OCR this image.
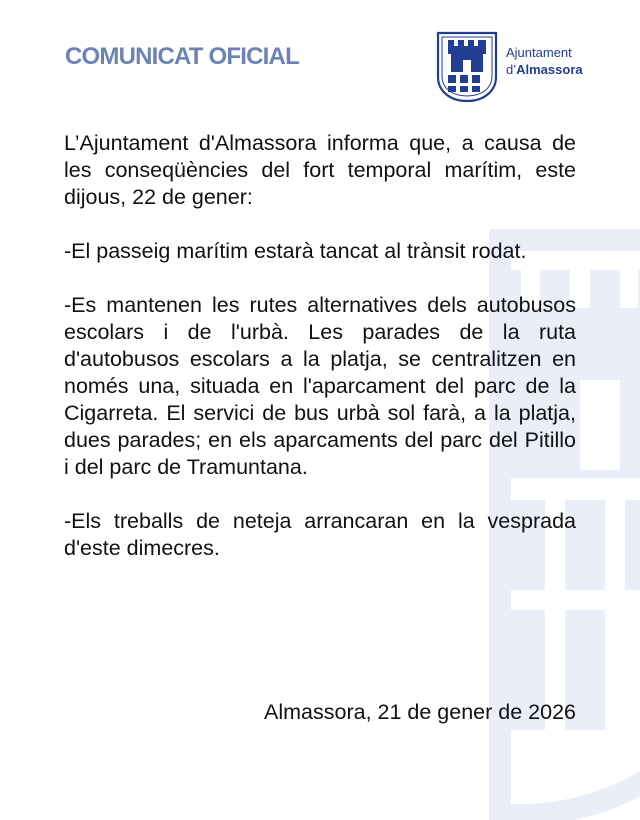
COMUNICAT OFICIAL	Ajuntament
d’Almassora

L’Ajuntament d'Almassora informa que, a causa de les conseqüències del fort temporal marítim, este dijous, 22 de gener:

-El passeig marítim estarà tancat al trànsit rodat.

-Es mantenen les rutes alternatives dels autobusos escolars i de l'urbà. Les parades de la ruta d'autobusos escolars a la platja, se centralitzen en només una, situada en l'aparcament del parc de la Cigarreta. El servici de bus urbà sol farà, a la platja, dues parades; en els aparcaments del parc del Pitillo i del parc de Tramuntana.

-Els treballs de neteja arrancaran en la vesprada d'este dimecres.

Almassora, 21 de gener de 2026
